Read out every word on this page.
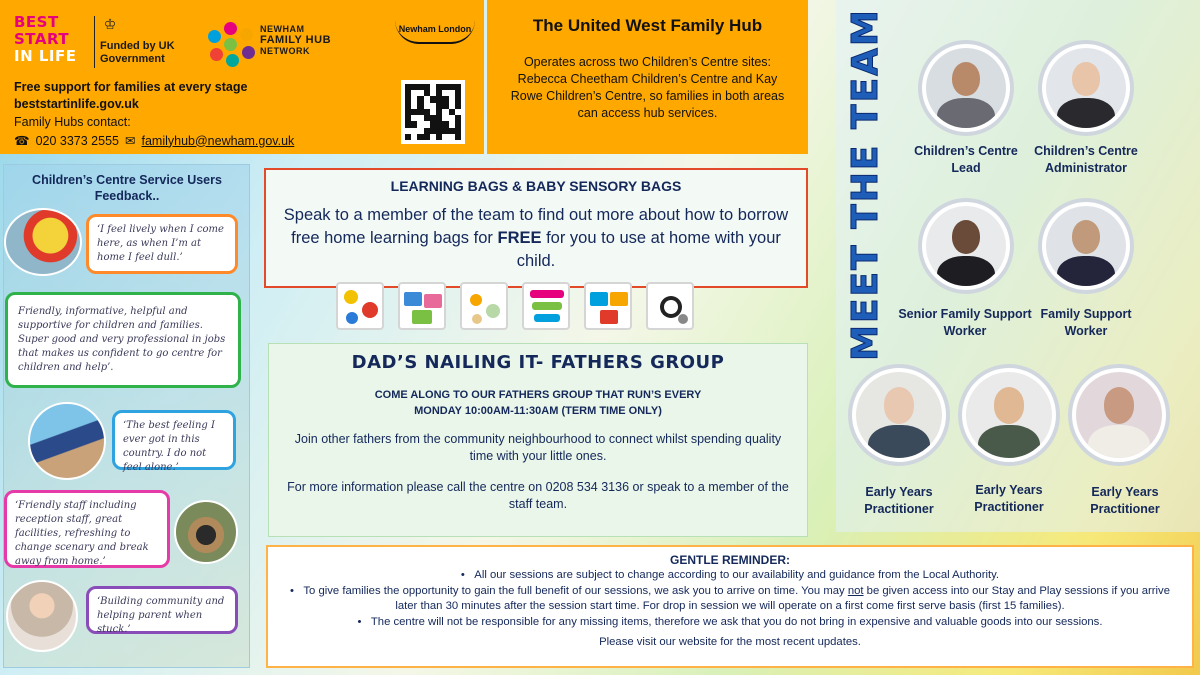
BEST
START
IN LIFE
♔
Funded by UK Government
NEWHAM
FAMILY HUB
NETWORK
Newham London
Free support for families at every stage
beststartinlife.gov.uk
Family Hubs contact:
☎ 020 3373 2555 ✉ familyhub@newham.gov.uk
The United West Family Hub
Operates across two Children’s Centre sites: Rebecca Cheetham Children’s Centre and Kay Rowe Children’s Centre, so families in both areas can access hub services.
Children’s Centre Service Users Feedback..
‘I feel lively when I come here, as when I’m at home I feel dull.’
Friendly, informative, helpful and supportive for children and families. Super good and very professional in jobs that makes us confident to go centre for children and help’.
‘The best feeling I ever got in this country. I do not feel alone.’
‘Friendly staff including reception staff, great facilities, refreshing to change scenary and break away from home.’
‘Building community and helping parent when stuck.’
LEARNING BAGS & BABY SENSORY BAGS
Speak to a member of the team to find out more about how to borrow free home learning bags for FREE for you to use at home with your child.
DAD’S NAILING IT- FATHERS GROUP
COME ALONG TO OUR FATHERS GROUP THAT RUN’S EVERY
MONDAY 10:00AM-11:30AM (TERM TIME ONLY)
Join other fathers from the community neighbourhood to connect whilst spending quality time with your little ones.
For more information please call the centre on 0208 534 3136 or speak to a member of the staff team.
GENTLE REMINDER:
•   All our sessions are subject to change according to our availability and guidance from the Local Authority.
•   To give families the opportunity to gain the full benefit of our sessions, we ask you to arrive on time. You may not be given access into our Stay and Play sessions if you arrive later than 30 minutes after the session start time. For drop in session we will operate on a first come first serve basis (first 15 families).
•   The centre will not be responsible for any missing items, therefore we ask that you do not bring in expensive and valuable goods into our sessions.
Please visit our website for the most recent updates.
MEET THE TEAM	Children’s Centre Lead
Children’s Centre Administrator
Senior Family Support Worker
Family Support Worker
Early Years Practitioner
Early Years Practitioner
Early Years Practitioner
